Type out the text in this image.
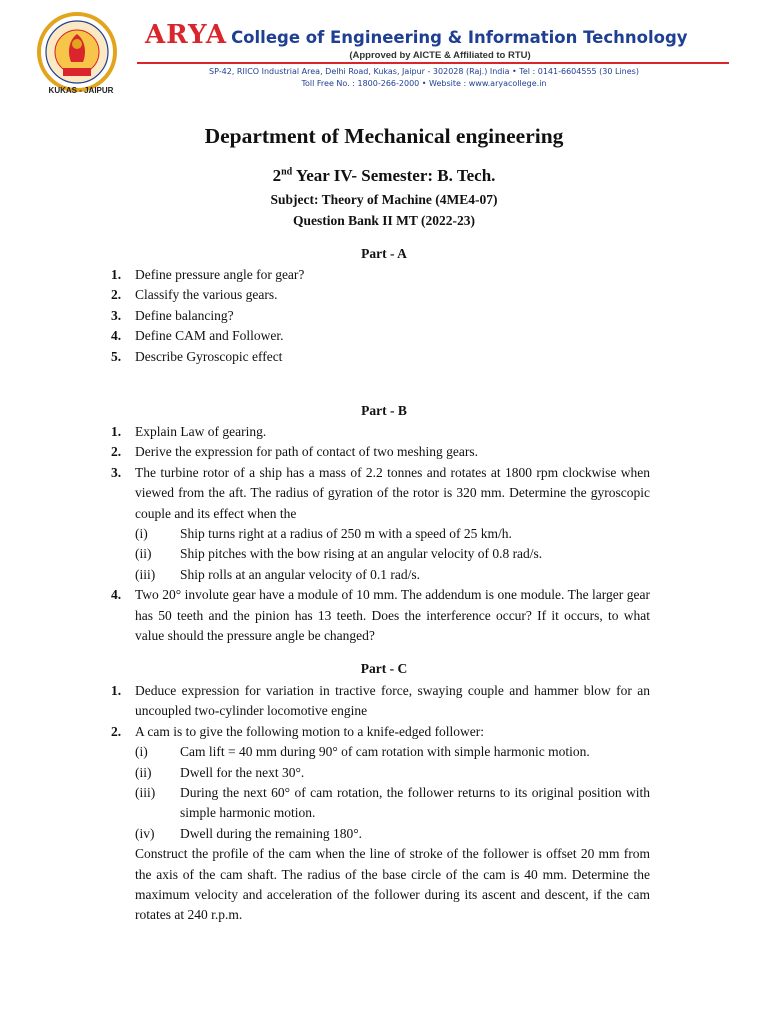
KUKAS - JAIPUR
ARYA College of Engineering & Information Technology
(Approved by AICTE & Affiliated to RTU)
SP-42, RIICO Industrial Area, Delhi Road, Kukas, Jaipur - 302028 (Raj.) India • Tel : 0141-6604555 (30 Lines)
Toll Free No. : 1800-266-2000 • Website : www.aryacollege.in
Department of Mechanical engineering
2nd Year IV- Semester: B. Tech.
Subject: Theory of Machine (4ME4-07)
Question Bank II MT (2022-23)
Part - A
1. Define pressure angle for gear?
2. Classify the various gears.
3. Define balancing?
4. Define CAM and Follower.
5. Describe Gyroscopic effect
Part - B
1. Explain Law of gearing.
2. Derive the expression for path of contact of two meshing gears.
3. The turbine rotor of a ship has a mass of 2.2 tonnes and rotates at 1800 rpm clockwise when viewed from the aft. The radius of gyration of the rotor is 320 mm. Determine the gyroscopic couple and its effect when the
(i) Ship turns right at a radius of 250 m with a speed of 25 km/h.
(ii) Ship pitches with the bow rising at an angular velocity of 0.8 rad/s.
(iii) Ship rolls at an angular velocity of 0.1 rad/s.
4. Two 20° involute gear have a module of 10 mm. The addendum is one module. The larger gear has 50 teeth and the pinion has 13 teeth. Does the interference occur? If it occurs, to what value should the pressure angle be changed?
Part - C
1. Deduce expression for variation in tractive force, swaying couple and hammer blow for an uncoupled two-cylinder locomotive engine
2. A cam is to give the following motion to a knife-edged follower:
(i) Cam lift = 40 mm during 90° of cam rotation with simple harmonic motion.
(ii) Dwell for the next 30°.
(iii) During the next 60° of cam rotation, the follower returns to its original position with simple harmonic motion.
(iv) Dwell during the remaining 180°.
Construct the profile of the cam when the line of stroke of the follower is offset 20 mm from the axis of the cam shaft. The radius of the base circle of the cam is 40 mm. Determine the maximum velocity and acceleration of the follower during its ascent and descent, if the cam rotates at 240 r.p.m.
